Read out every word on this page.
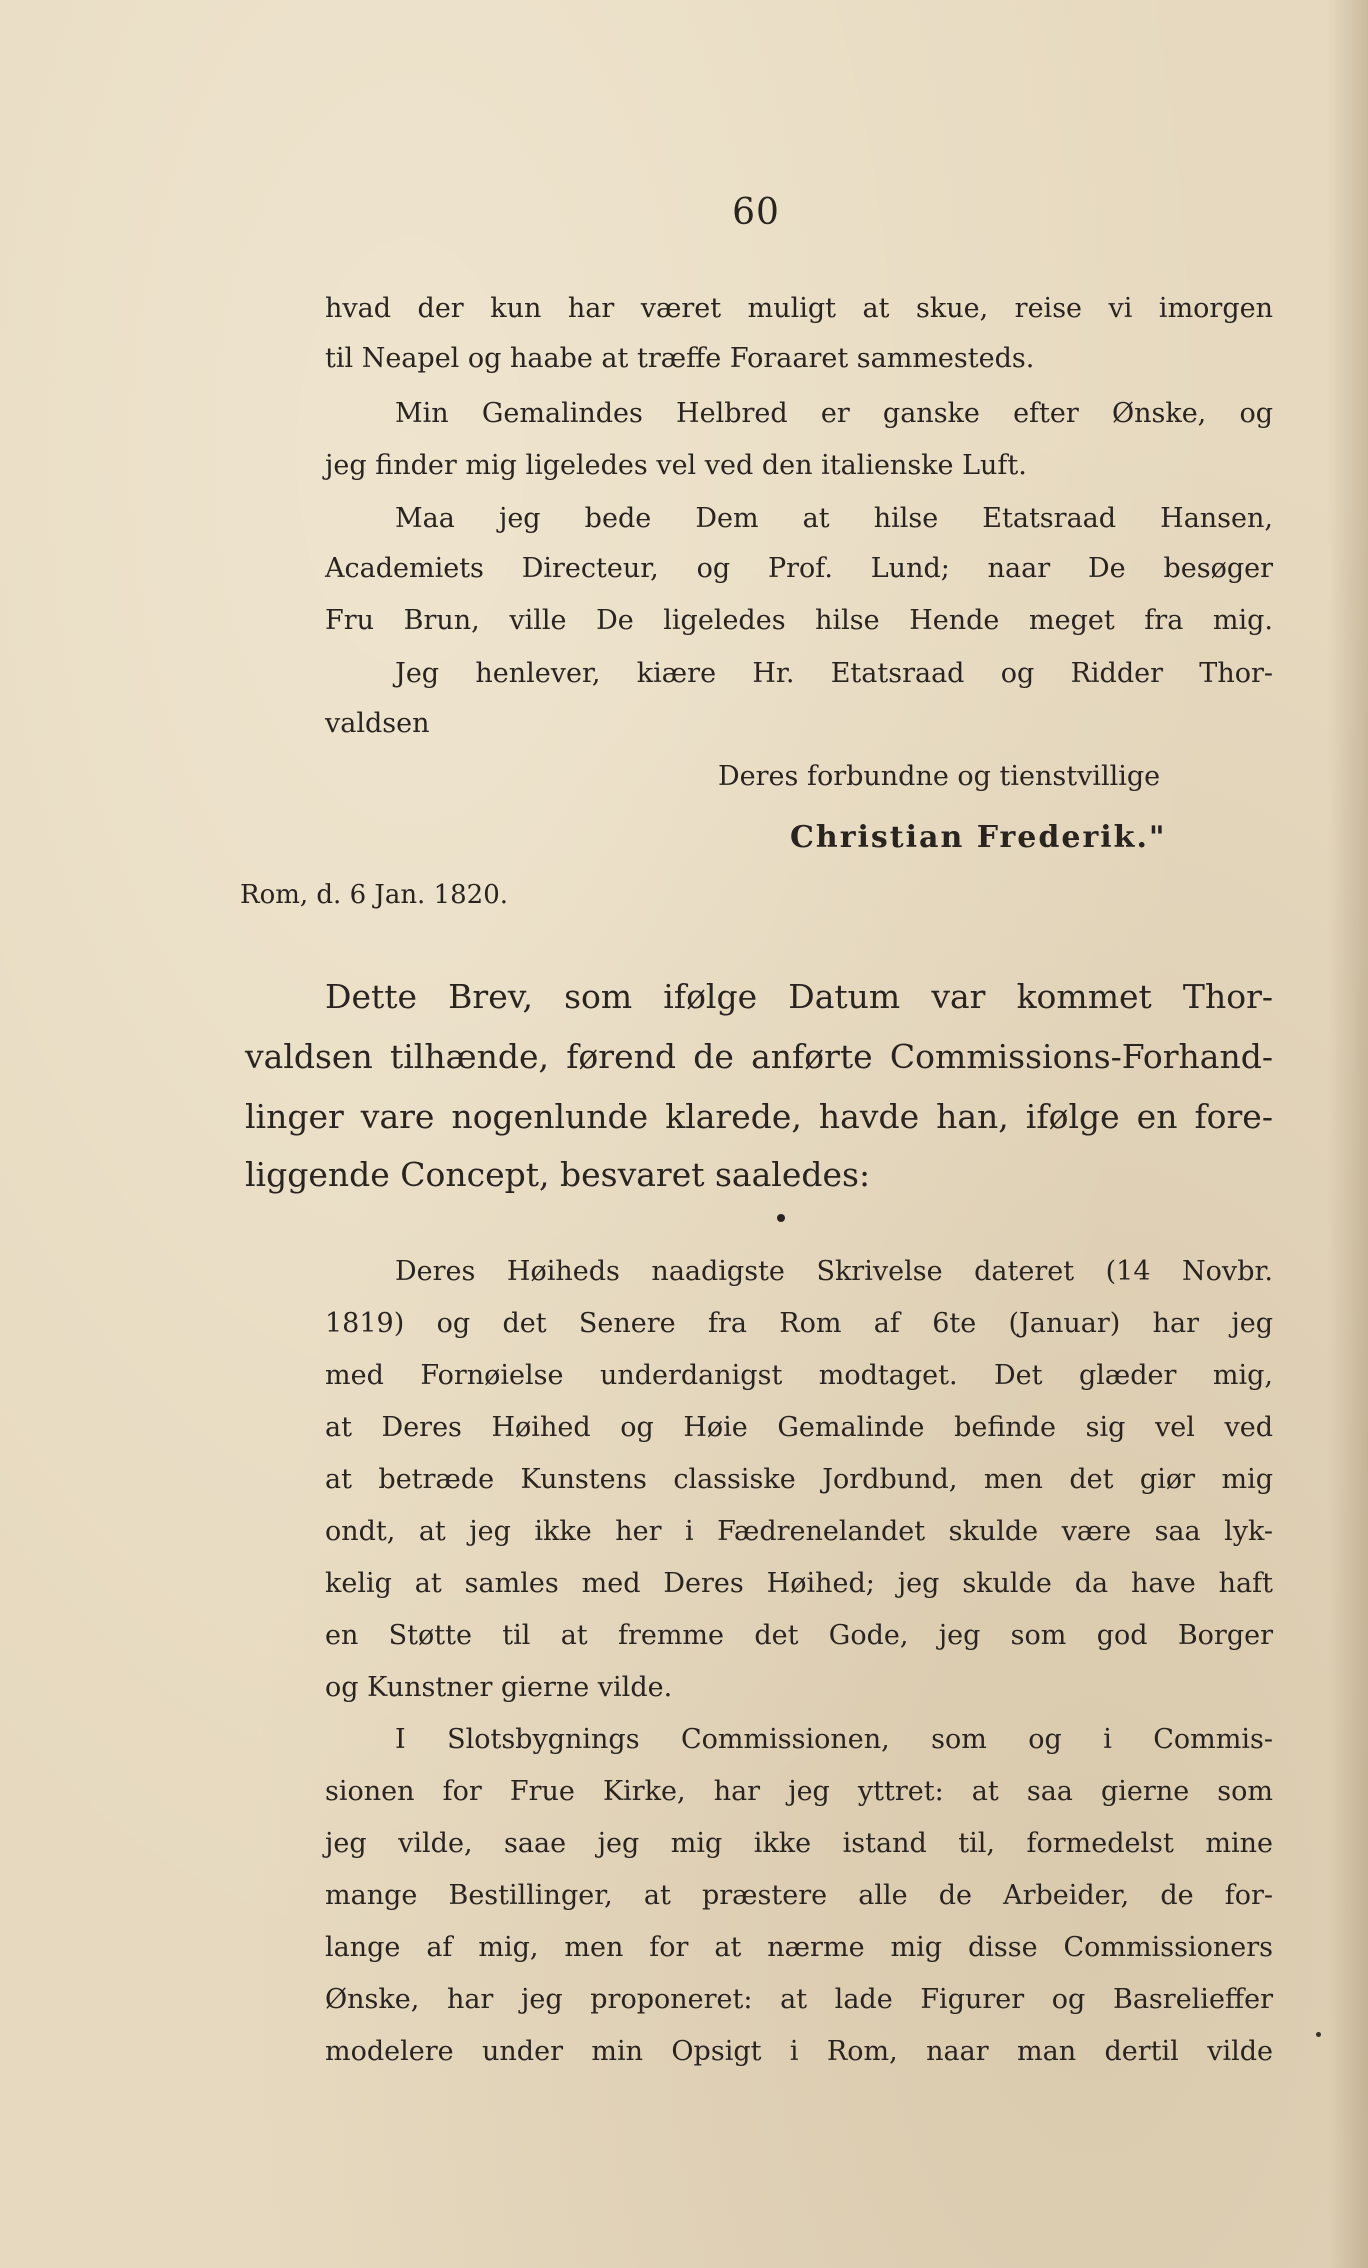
60
hvad der kun har været muligt at skue, reise vi imorgen
til Neapel og haabe at træffe Foraaret sammesteds.
Min Gemalindes Helbred er ganske efter Ønske, og
jeg finder mig ligeledes vel ved den italienske Luft.
Maa jeg bede Dem at hilse Etatsraad Hansen,
Academiets Directeur, og Prof. Lund; naar De besøger
Fru Brun, ville De ligeledes hilse Hende meget fra mig.
Jeg henlever, kiære Hr. Etatsraad og Ridder Thor-
valdsen
Deres forbundne og tienstvillige
Christian Frederik."
Rom, d. 6 Jan. 1820.
Dette Brev, som ifølge Datum var kommet Thor-
valdsen tilhænde, førend de anførte Commissions-Forhand-
linger vare nogenlunde klarede, havde han, ifølge en fore-
liggende Concept, besvaret saaledes:
Deres Høiheds naadigste Skrivelse dateret (14 Novbr.
1819) og det Senere fra Rom af 6te (Januar) har jeg
med Fornøielse underdanigst modtaget. Det glæder mig,
at Deres Høihed og Høie Gemalinde befinde sig vel ved
at betræde Kunstens classiske Jordbund, men det giør mig
ondt, at jeg ikke her i Fædrenelandet skulde være saa lyk-
kelig at samles med Deres Høihed; jeg skulde da have haft
en Støtte til at fremme det Gode, jeg som god Borger
og Kunstner gierne vilde.
I Slotsbygnings Commissionen, som og i Commis-
sionen for Frue Kirke, har jeg yttret: at saa gierne som
jeg vilde, saae jeg mig ikke istand til, formedelst mine
mange Bestillinger, at præstere alle de Arbeider, de for-
lange af mig, men for at nærme mig disse Commissioners
Ønske, har jeg proponeret: at lade Figurer og Basrelieffer
modelere under min Opsigt i Rom, naar man dertil vilde
